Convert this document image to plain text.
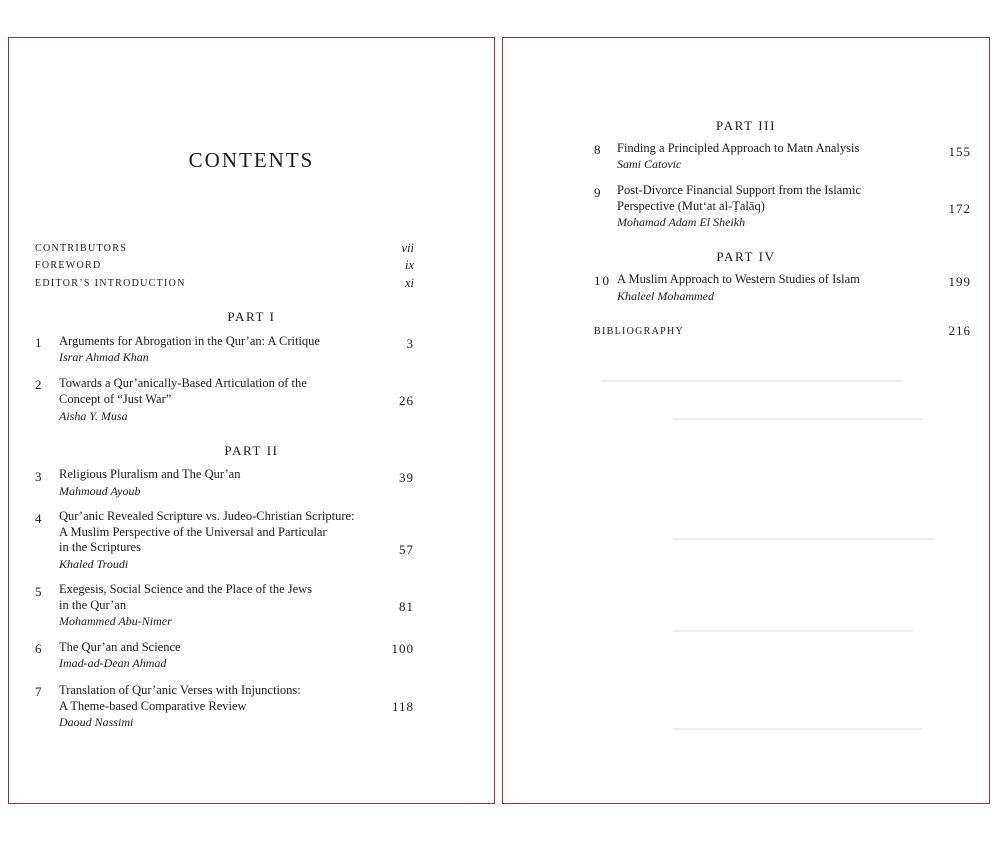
CONTENTS
CONTRIBUTORS	vii
FOREWORD	ix
EDITOR’S INTRODUCTION	xi
PART I
1 Arguments for Abrogation in the Qur’an: A Critique
Israr Ahmad Khan
3
2 Towards a Qur’anically-Based Articulation of the
Concept of “Just War”
Aisha Y. Musa
26
PART II
3 Religious Pluralism and The Qur’an
Mahmoud Ayoub
39
4 Qur’anic Revealed Scripture vs. Judeo-Christian Scripture:
A Muslim Perspective of the Universal and Particular
in the Scriptures
Khaled Troudi
57
5 Exegesis, Social Science and the Place of the Jews
in the Qur’an
Mohammed Abu-Nimer
81
6 The Qur’an and Science
Imad-ad-Dean Ahmad
100
7 Translation of Qur’anic Verses with Injunctions:
A Theme-based Comparative Review
Daoud Nassimi
118
PART III
8 Finding a Principled Approach to Matn Analysis
Sami Catovic
155
9 Post-Divorce Financial Support from the Islamic
Perspective (Mut‘at al-Ṭalāq)
Mohamad Adam El Sheikh
172
PART IV
10 A Muslim Approach to Western Studies of Islam
Khaleel Mohammed
199
BIBLIOGRAPHY	216
